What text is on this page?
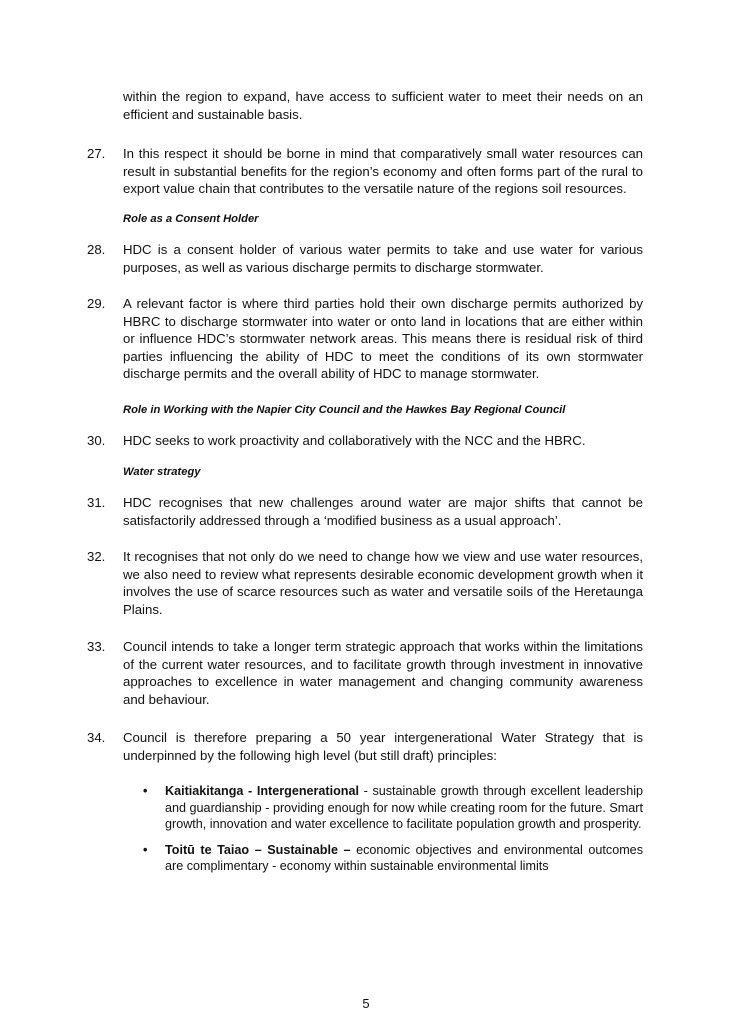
within the region to expand, have access to sufficient water to meet their needs on an efficient and sustainable basis.

27. In this respect it should be borne in mind that comparatively small water resources can result in substantial benefits for the region’s economy and often forms part of the rural to export value chain that contributes to the versatile nature of the regions soil resources.
Role as a Consent Holder
28. HDC is a consent holder of various water permits to take and use water for various purposes, as well as various discharge permits to discharge stormwater.
29. A relevant factor is where third parties hold their own discharge permits authorized by HBRC to discharge stormwater into water or onto land in locations that are either within or influence HDC’s stormwater network areas. This means there is residual risk of third parties influencing the ability of HDC to meet the conditions of its own stormwater discharge permits and the overall ability of HDC to manage stormwater.
Role in Working with the Napier City Council and the Hawkes Bay Regional Council
30. HDC seeks to work proactivity and collaboratively with the NCC and the HBRC.
Water strategy
31. HDC recognises that new challenges around water are major shifts that cannot be satisfactorily addressed through a ‘modified business as a usual approach’.
32. It recognises that not only do we need to change how we view and use water resources, we also need to review what represents desirable economic development growth when it involves the use of scarce resources such as water and versatile soils of the Heretaunga Plains.
33. Council intends to take a longer term strategic approach that works within the limitations of the current water resources, and to facilitate growth through investment in innovative approaches to excellence in water management and changing community awareness and behaviour.
34. Council is therefore preparing a 50 year intergenerational Water Strategy that is underpinned by the following high level (but still draft) principles:
• Kaitiakitanga - Intergenerational - sustainable growth through excellent leadership and guardianship - providing enough for now while creating room for the future. Smart growth, innovation and water excellence to facilitate population growth and prosperity.
• Toitū te Taiao – Sustainable – economic objectives and environmental outcomes are complimentary - economy within sustainable environmental limits
5
